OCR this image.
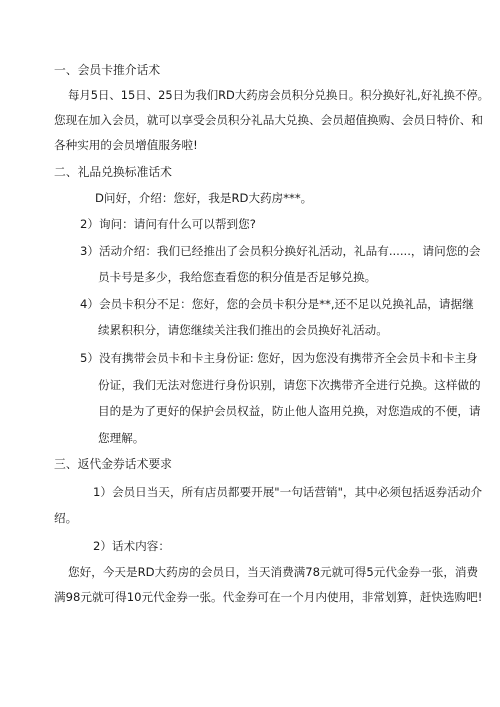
一、会员卡推介话术
每月5日、15日、25日为我们RD大药房会员积分兑换日。积分换好礼,好礼换不停。
您现在加入会员，就可以享受会员积分礼品大兑换、会员超值换购、会员日特价、和
各种实用的会员增值服务啦!
二、礼品兑换标准话术
D问好，介绍：您好，我是RD大药房***。
2）询问：请问有什么可以帮到您?
3）活动介绍：我们已经推出了会员积分换好礼活动，礼品有......，请问您的会
员卡号是多少，我给您查看您的积分值是否足够兑换。
4）会员卡积分不足：您好，您的会员卡积分是**,还不足以兑换礼品，请据继
续累积积分，请您继续关注我们推出的会员换好礼活动。
5）没有携带会员卡和卡主身份证: 您好，因为您没有携带齐全会员卡和卡主身
份证，我们无法对您进行身份识别，请您下次携带齐全进行兑换。这样做的
目的是为了更好的保护会员权益，防止他人盗用兑换，对您造成的不便，请
您理解。
三、返代金券话术要求
1）会员日当天，所有店员都要开展"一句话营销"，其中必须包括返券活动介
绍。
2）话术内容：
您好，今天是RD大药房的会员日，当天消费满78元就可得5元代金券一张，消费
满98元就可得10元代金券一张。代金券可在一个月内使用，非常划算，赶快选购吧!
